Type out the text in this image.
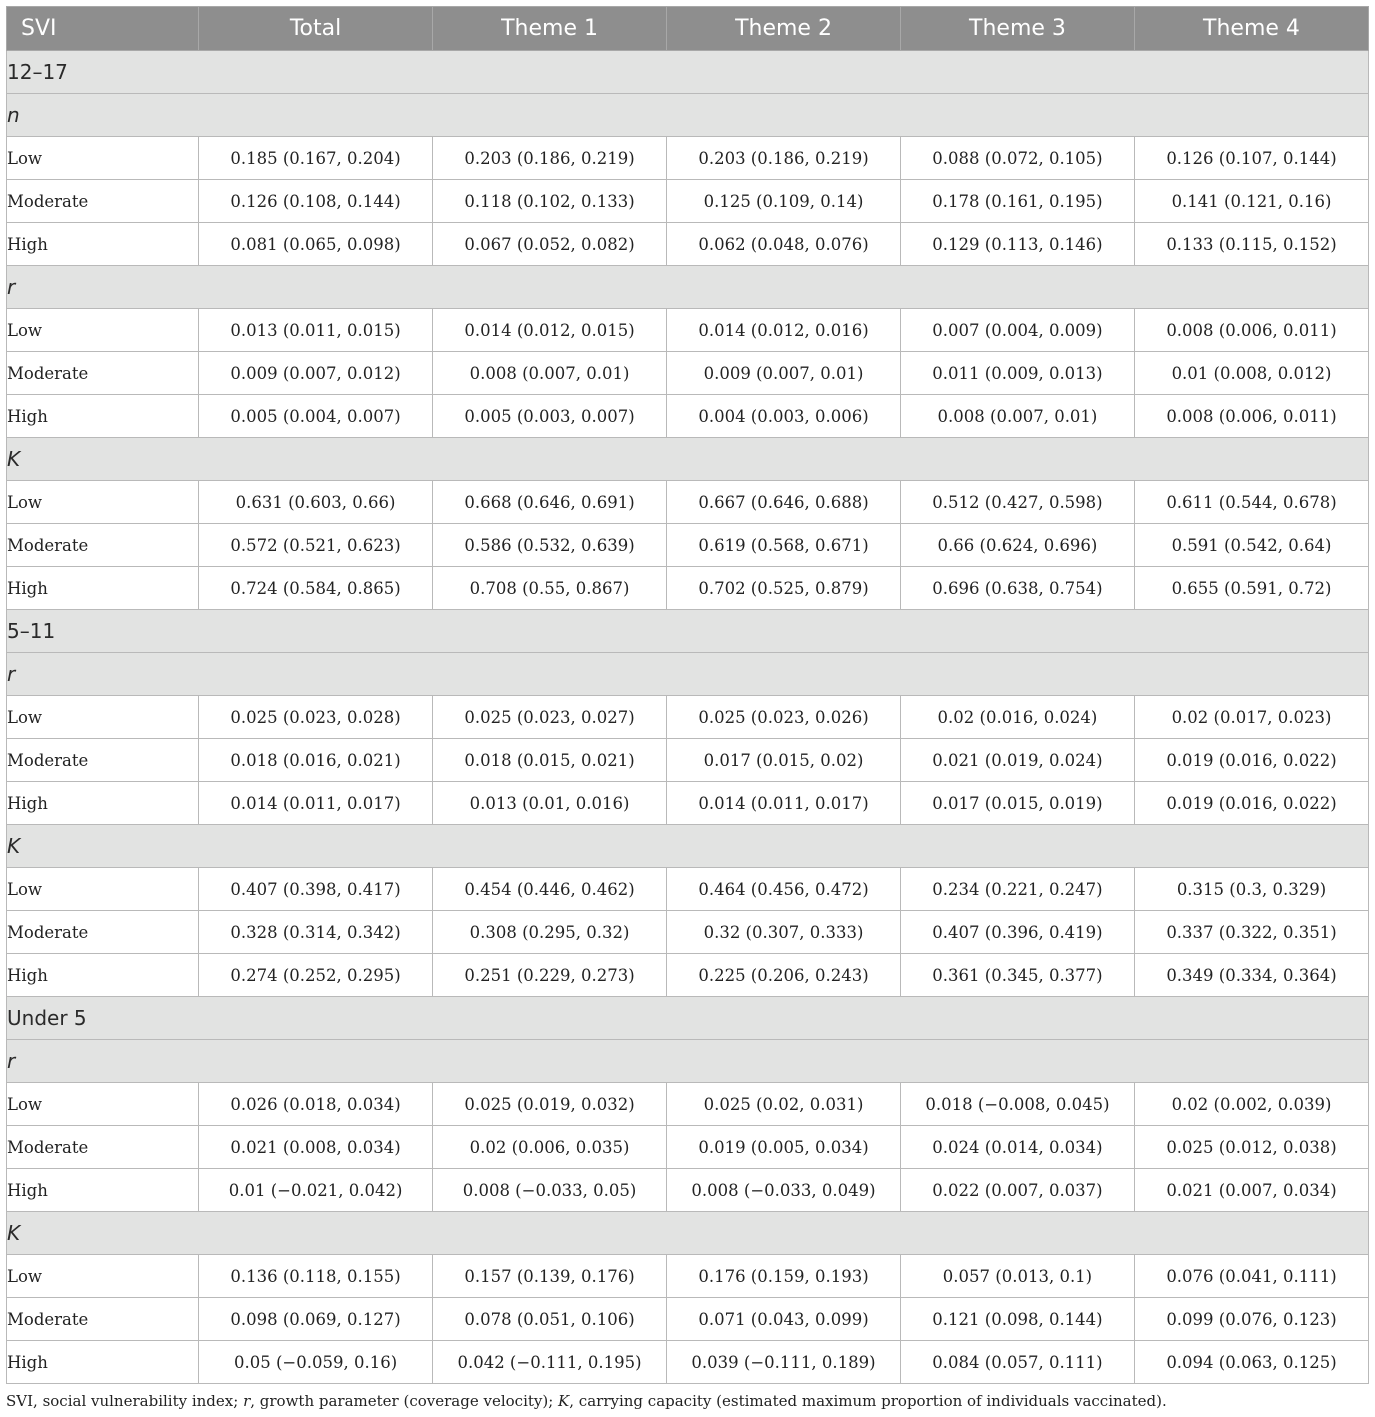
SVI	Total	Theme 1	Theme 2	Theme 3	Theme 4
12–17					
n					
Low	0.185 (0.167, 0.204)	0.203 (0.186, 0.219)	0.203 (0.186, 0.219)	0.088 (0.072, 0.105)	0.126 (0.107, 0.144)
Moderate	0.126 (0.108, 0.144)	0.118 (0.102, 0.133)	0.125 (0.109, 0.14)	0.178 (0.161, 0.195)	0.141 (0.121, 0.16)
High	0.081 (0.065, 0.098)	0.067 (0.052, 0.082)	0.062 (0.048, 0.076)	0.129 (0.113, 0.146)	0.133 (0.115, 0.152)
r					
Low	0.013 (0.011, 0.015)	0.014 (0.012, 0.015)	0.014 (0.012, 0.016)	0.007 (0.004, 0.009)	0.008 (0.006, 0.011)
Moderate	0.009 (0.007, 0.012)	0.008 (0.007, 0.01)	0.009 (0.007, 0.01)	0.011 (0.009, 0.013)	0.01 (0.008, 0.012)
High	0.005 (0.004, 0.007)	0.005 (0.003, 0.007)	0.004 (0.003, 0.006)	0.008 (0.007, 0.01)	0.008 (0.006, 0.011)
K					
Low	0.631 (0.603, 0.66)	0.668 (0.646, 0.691)	0.667 (0.646, 0.688)	0.512 (0.427, 0.598)	0.611 (0.544, 0.678)
Moderate	0.572 (0.521, 0.623)	0.586 (0.532, 0.639)	0.619 (0.568, 0.671)	0.66 (0.624, 0.696)	0.591 (0.542, 0.64)
High	0.724 (0.584, 0.865)	0.708 (0.55, 0.867)	0.702 (0.525, 0.879)	0.696 (0.638, 0.754)	0.655 (0.591, 0.72)
5–11					
r					
Low	0.025 (0.023, 0.028)	0.025 (0.023, 0.027)	0.025 (0.023, 0.026)	0.02 (0.016, 0.024)	0.02 (0.017, 0.023)
Moderate	0.018 (0.016, 0.021)	0.018 (0.015, 0.021)	0.017 (0.015, 0.02)	0.021 (0.019, 0.024)	0.019 (0.016, 0.022)
High	0.014 (0.011, 0.017)	0.013 (0.01, 0.016)	0.014 (0.011, 0.017)	0.017 (0.015, 0.019)	0.019 (0.016, 0.022)
K					
Low	0.407 (0.398, 0.417)	0.454 (0.446, 0.462)	0.464 (0.456, 0.472)	0.234 (0.221, 0.247)	0.315 (0.3, 0.329)
Moderate	0.328 (0.314, 0.342)	0.308 (0.295, 0.32)	0.32 (0.307, 0.333)	0.407 (0.396, 0.419)	0.337 (0.322, 0.351)
High	0.274 (0.252, 0.295)	0.251 (0.229, 0.273)	0.225 (0.206, 0.243)	0.361 (0.345, 0.377)	0.349 (0.334, 0.364)
Under 5					
r					
Low	0.026 (0.018, 0.034)	0.025 (0.019, 0.032)	0.025 (0.02, 0.031)	0.018 (−0.008, 0.045)	0.02 (0.002, 0.039)
Moderate	0.021 (0.008, 0.034)	0.02 (0.006, 0.035)	0.019 (0.005, 0.034)	0.024 (0.014, 0.034)	0.025 (0.012, 0.038)
High	0.01 (−0.021, 0.042)	0.008 (−0.033, 0.05)	0.008 (−0.033, 0.049)	0.022 (0.007, 0.037)	0.021 (0.007, 0.034)
K					
Low	0.136 (0.118, 0.155)	0.157 (0.139, 0.176)	0.176 (0.159, 0.193)	0.057 (0.013, 0.1)	0.076 (0.041, 0.111)
Moderate	0.098 (0.069, 0.127)	0.078 (0.051, 0.106)	0.071 (0.043, 0.099)	0.121 (0.098, 0.144)	0.099 (0.076, 0.123)
High	0.05 (−0.059, 0.16)	0.042 (−0.111, 0.195)	0.039 (−0.111, 0.189)	0.084 (0.057, 0.111)	0.094 (0.063, 0.125)
SVI, social vulnerability index; r, growth parameter (coverage velocity); K, carrying capacity (estimated maximum proportion of individuals vaccinated).
